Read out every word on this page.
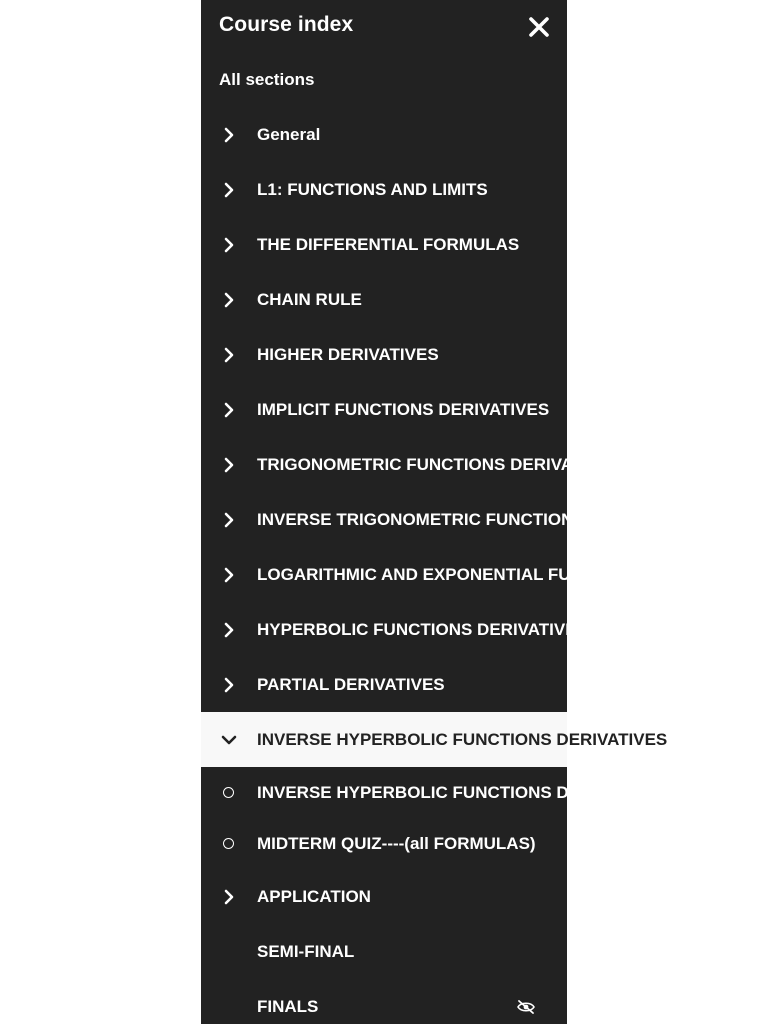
Course index
All sections
General
L1: FUNCTIONS AND LIMITS
THE DIFFERENTIAL FORMULAS
CHAIN RULE
HIGHER DERIVATIVES
IMPLICIT FUNCTIONS DERIVATIVES
TRIGONOMETRIC FUNCTIONS DERIVATIVES
INVERSE TRIGONOMETRIC FUNCTIONS DERIVATIVES
LOGARITHMIC AND EXPONENTIAL FUNCTIONS DERIVATIVES
HYPERBOLIC FUNCTIONS DERIVATIVES
PARTIAL DERIVATIVES
INVERSE HYPERBOLIC FUNCTIONS DERIVATIVES
INVERSE HYPERBOLIC FUNCTIONS DERIVATIVES
MIDTERM QUIZ----(all FORMULAS)
APPLICATION
SEMI-FINAL
FINALS
